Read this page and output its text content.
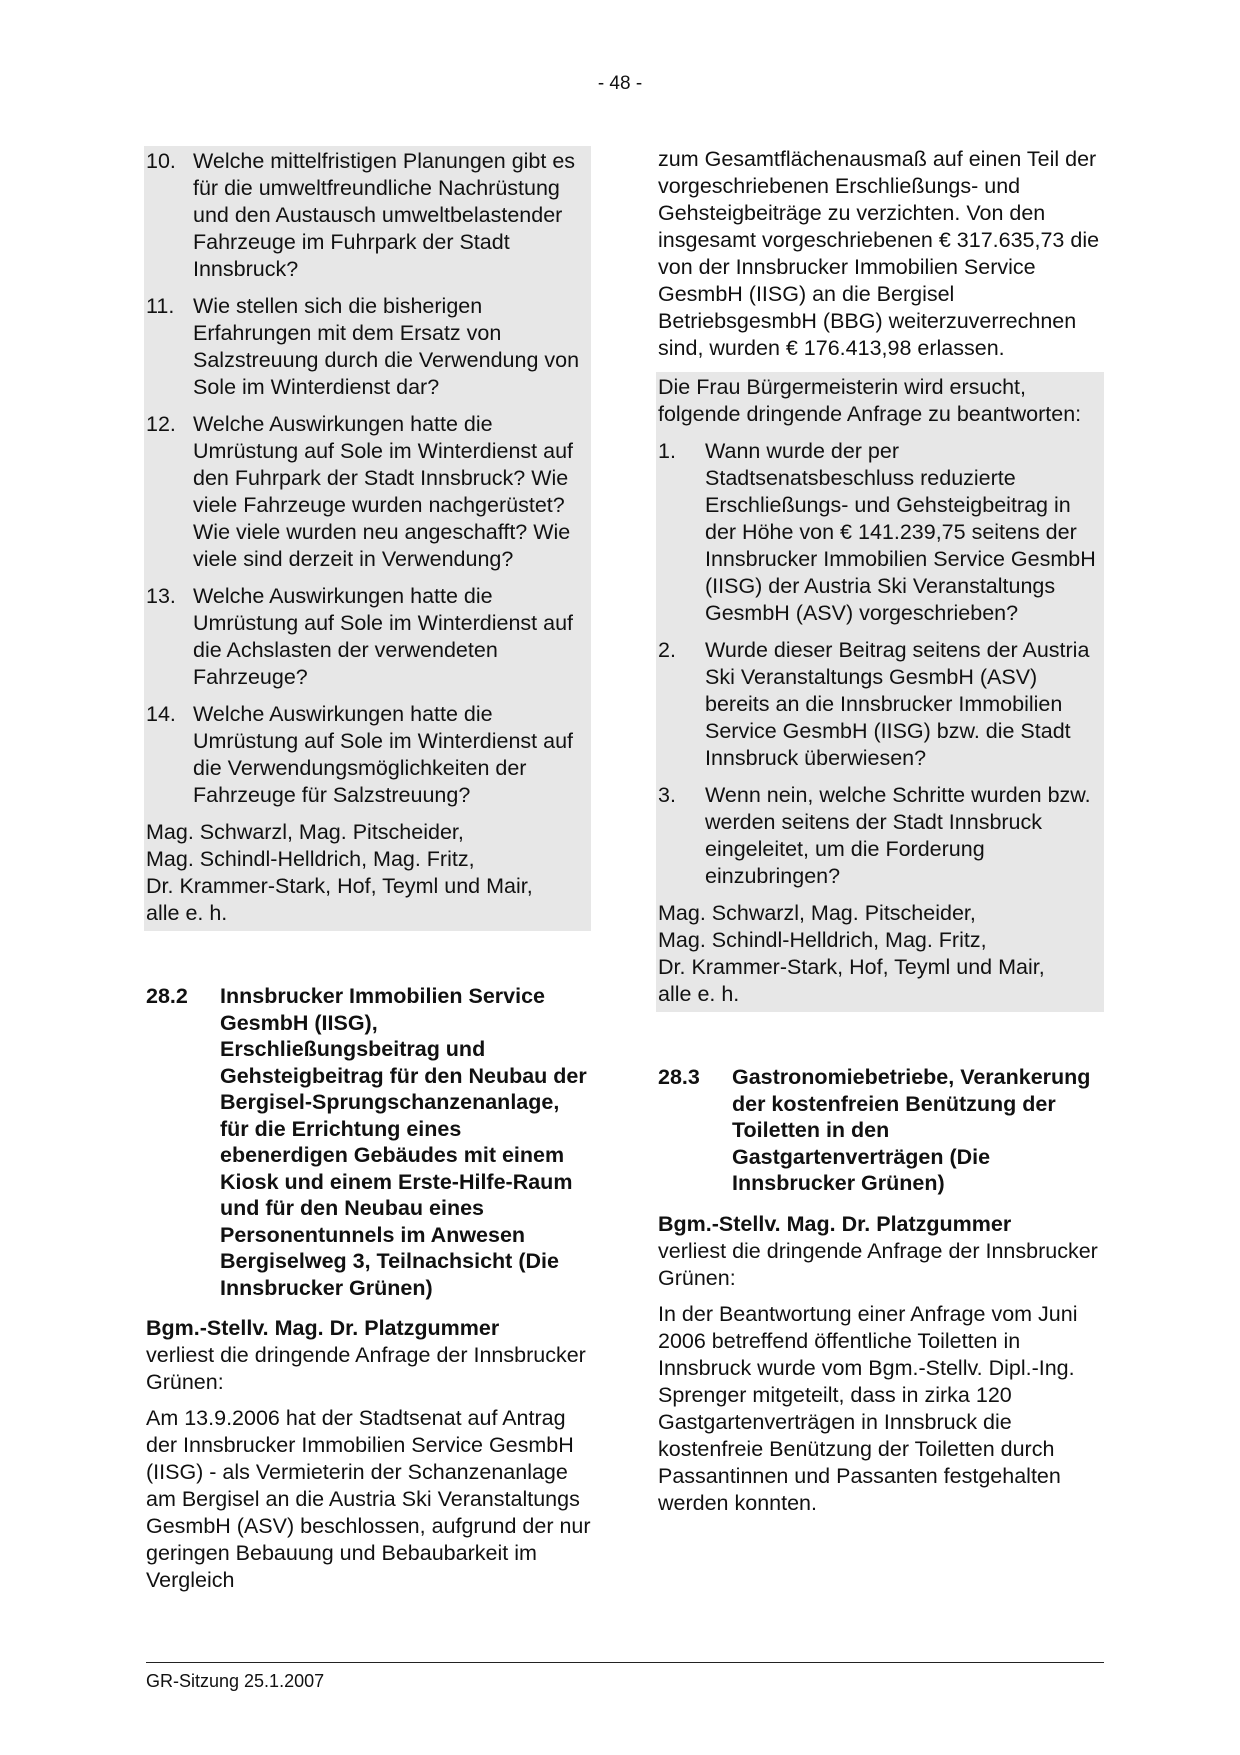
- 48 -
10. Welche mittelfristigen Planungen gibt es für die umweltfreundliche Nachrüstung und den Austausch umweltbelastender Fahrzeuge im Fuhrpark der Stadt Innsbruck?
11. Wie stellen sich die bisherigen Erfahrungen mit dem Ersatz von Salzstreuung durch die Verwendung von Sole im Winterdienst dar?
12. Welche Auswirkungen hatte die Umrüstung auf Sole im Winterdienst auf den Fuhrpark der Stadt Innsbruck? Wie viele Fahrzeuge wurden nachgerüstet? Wie viele wurden neu angeschafft? Wie viele sind derzeit in Verwendung?
13. Welche Auswirkungen hatte die Umrüstung auf Sole im Winterdienst auf die Achslasten der verwendeten Fahrzeuge?
14. Welche Auswirkungen hatte die Umrüstung auf Sole im Winterdienst auf die Verwendungsmöglichkeiten der Fahrzeuge für Salzstreuung?
Mag. Schwarzl, Mag. Pitscheider,
Mag. Schindl-Helldrich, Mag. Fritz,
Dr. Krammer-Stark, Hof, Teyml und Mair,
alle e. h.
28.2	Innsbrucker Immobilien Service GesmbH (IISG), Erschließungsbeitrag und Gehsteigbeitrag für den Neubau der Bergisel-Sprungschanzenanlage, für die Errichtung eines ebenerdigen Gebäudes mit einem Kiosk und einem Erste-Hilfe-Raum und für den Neubau eines Personentunnels im Anwesen Bergiselweg 3, Teilnachsicht (Die Innsbrucker Grünen)
Bgm.-Stellv. Mag. Dr. Platzgummer
verliest die dringende Anfrage der Innsbrucker Grünen:
Am 13.9.2006 hat der Stadtsenat auf Antrag der Innsbrucker Immobilien Service GesmbH (IISG) - als Vermieterin der Schanzenanlage am Bergisel an die Austria Ski Veranstaltungs GesmbH (ASV) beschlossen, aufgrund der nur geringen Bebauung und Bebaubarkeit im Vergleich
zum Gesamtflächenausmaß auf einen Teil der vorgeschriebenen Erschließungs- und Gehsteigbeiträge zu verzichten. Von den insgesamt vorgeschriebenen € 317.635,73 die von der Innsbrucker Immobilien Service GesmbH (IISG) an die Bergisel BetriebsgesmbH (BBG) weiterzuverrechnen sind, wurden € 176.413,98 erlassen.
Die Frau Bürgermeisterin wird ersucht, folgende dringende Anfrage zu beantworten:
1.	Wann wurde der per Stadtsenatsbeschluss reduzierte Erschließungs- und Gehsteigbeitrag in der Höhe von € 141.239,75 seitens der Innsbrucker Immobilien Service GesmbH (IISG) der Austria Ski Veranstaltungs GesmbH (ASV) vorgeschrieben?
2.	Wurde dieser Beitrag seitens der Austria Ski Veranstaltungs GesmbH (ASV) bereits an die Innsbrucker Immobilien Service GesmbH (IISG) bzw. die Stadt Innsbruck überwiesen?
3.	Wenn nein, welche Schritte wurden bzw. werden seitens der Stadt Innsbruck eingeleitet, um die Forderung einzubringen?
Mag. Schwarzl, Mag. Pitscheider,
Mag. Schindl-Helldrich, Mag. Fritz,
Dr. Krammer-Stark, Hof, Teyml und Mair,
alle e. h.
28.3	Gastronomiebetriebe, Verankerung der kostenfreien Benützung der Toiletten in den Gastgartenverträgen (Die Innsbrucker Grünen)
Bgm.-Stellv. Mag. Dr. Platzgummer
verliest die dringende Anfrage der Innsbrucker Grünen:
In der Beantwortung einer Anfrage vom Juni 2006 betreffend öffentliche Toiletten in Innsbruck wurde vom Bgm.-Stellv. Dipl.-Ing. Sprenger mitgeteilt, dass in zirka 120 Gastgartenverträgen in Innsbruck die kostenfreie Benützung der Toiletten durch Passantinnen und Passanten festgehalten werden konnten.
GR-Sitzung 25.1.2007
